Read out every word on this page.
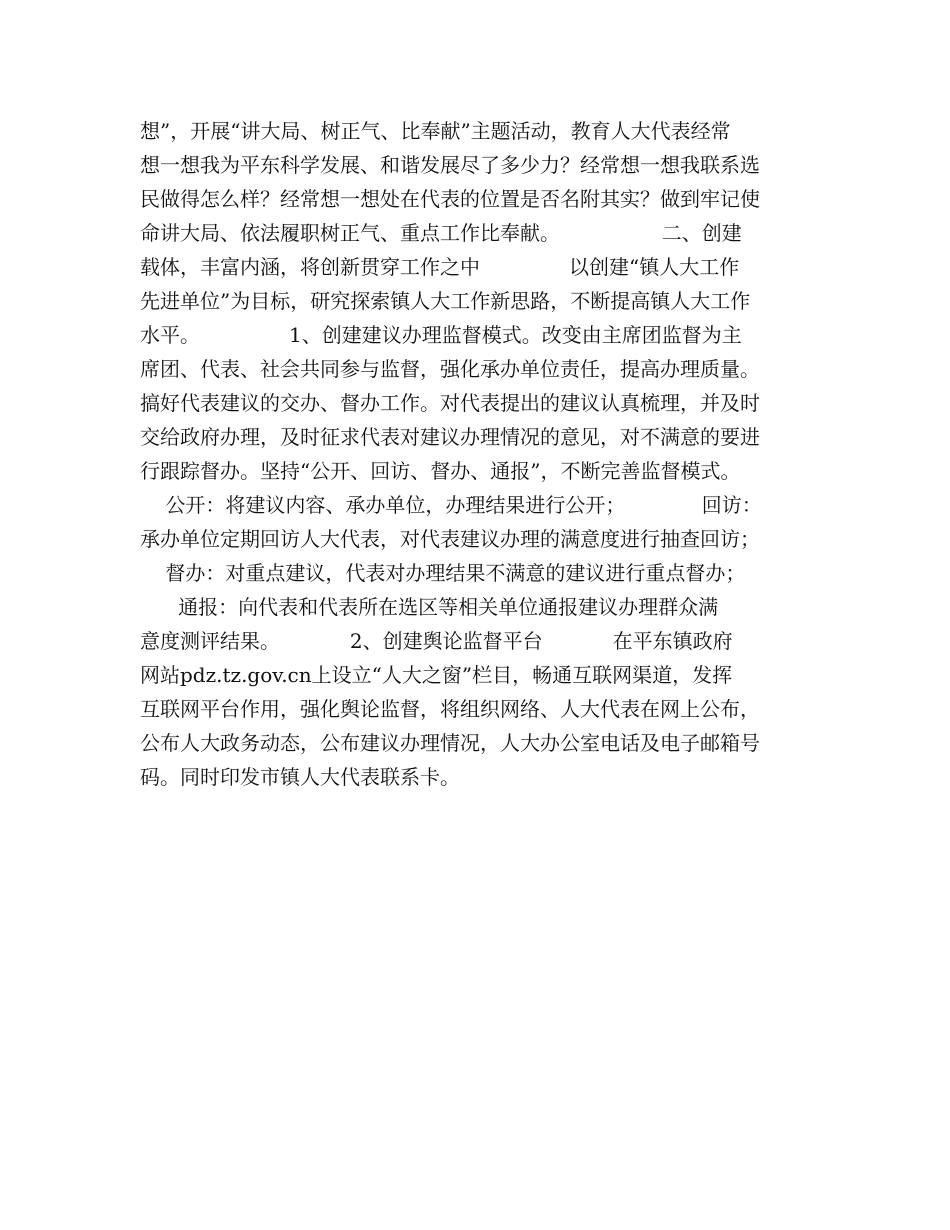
想”，开展“讲大局、树正气、比奉献”主题活动，教育人大代表经常
想一想我为平东科学发展、和谐发展尽了多少力？经常想一想我联系选
民做得怎么样？经常想一想处在代表的位置是否名附其实？做到牢记使
命讲大局、依法履职树正气、重点工作比奉献。                二、创建
载体，丰富内涵，将创新贯穿工作之中              以创建“镇人大工作
先进单位”为目标，研究探索镇人大工作新思路，不断提高镇人大工作
水平。              1、创建建议办理监督模式。改变由主席团监督为主
席团、代表、社会共同参与监督，强化承办单位责任，提高办理质量。
搞好代表建议的交办、督办工作。对代表提出的建议认真梳理，并及时
交给政府办理，及时征求代表对建议办理情况的意见，对不满意的要进
行跟踪督办。坚持“公开、回访、督办、通报”，不断完善监督模式。
公开：将建议内容、承办单位，办理结果进行公开；            回访：
承办单位定期回访人大代表，对代表建议办理的满意度进行抽查回访；
督办：对重点建议，代表对办理结果不满意的建议进行重点督办；
通报：向代表和代表所在选区等相关单位通报建议办理群众满
意度测评结果。           2、创建舆论监督平台           在平东镇政府
网站pdz.tz.gov.cn上设立“人大之窗”栏目，畅通互联网渠道，发挥
互联网平台作用，强化舆论监督，将组织网络、人大代表在网上公布，
公布人大政务动态，公布建议办理情况，人大办公室电话及电子邮箱号
码。同时印发市镇人大代表联系卡。
